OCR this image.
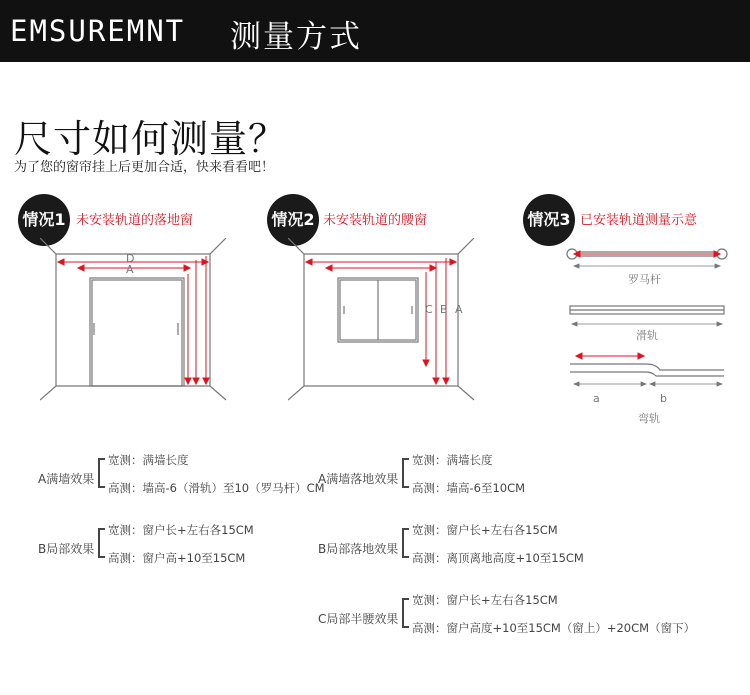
EMSUREMNT 测量方式
尺寸如何测量？
为了您的窗帘挂上后更加合适，快来看看吧！
情况1 未安装轨道的落地窗
D
A
情况2 未安装轨道的腰窗
C B A
情况3 已安装轨道测量示意
罗马杆
滑轨
a	b
弯轨
A满墙效果
宽测：满墙长度
高测：墙高-6（滑轨）至10（罗马杆）CM
B局部效果
宽测：窗户长+左右各15CM
高测：窗户高+10至15CM
A满墙落地效果
宽测：满墙长度
高测：墙高-6至10CM
B局部落地效果
宽测：窗户长+左右各15CM
高测：离顶离地高度+10至15CM
C局部半腰效果
宽测：窗户长+左右各15CM
高测：窗户高度+10至15CM（窗上）+20CM（窗下）
